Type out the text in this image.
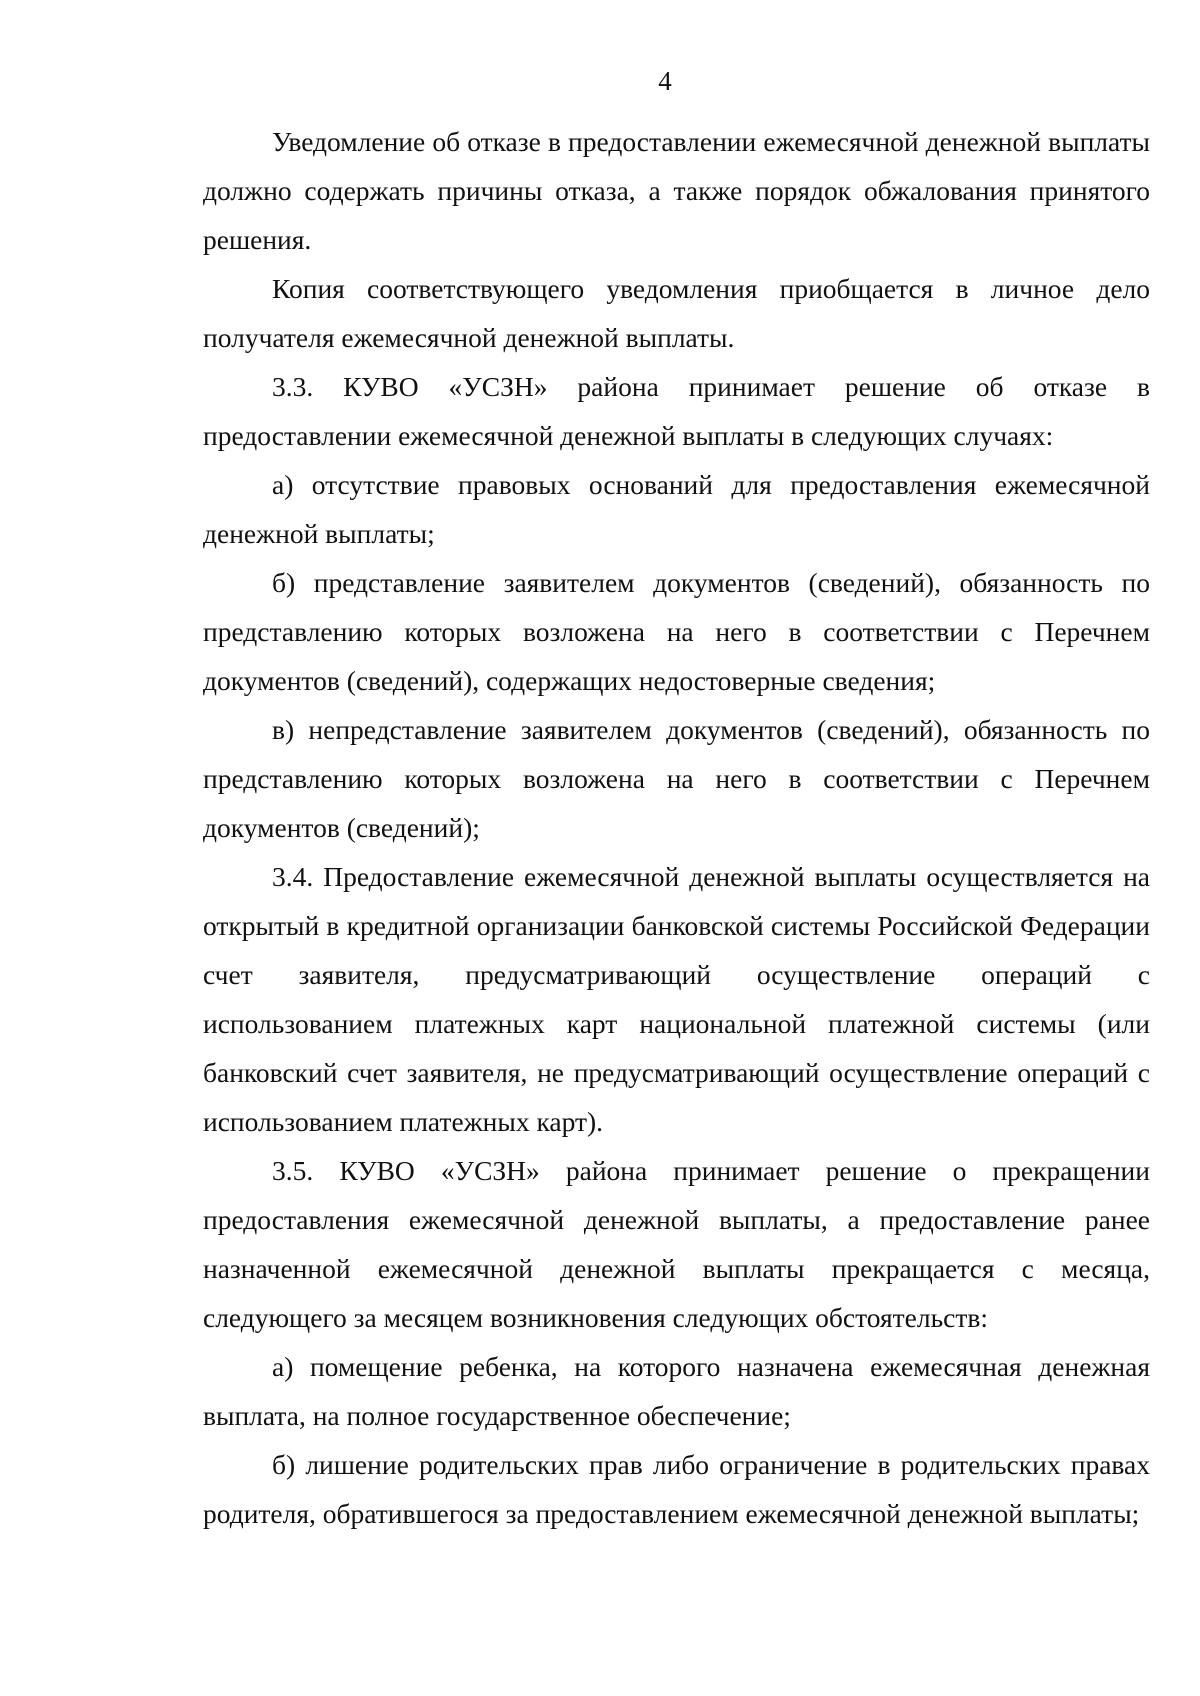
4

Уведомление об отказе в предоставлении ежемесячной денежной выплаты должно содержать причины отказа, а также порядок обжалования принятого решения.

Копия соответствующего уведомления приобщается в личное дело получателя ежемесячной денежной выплаты.

3.3. КУВО «УСЗН» района принимает решение об отказе в предоставлении ежемесячной денежной выплаты в следующих случаях:

а) отсутствие правовых оснований для предоставления ежемесячной денежной выплаты;

б) представление заявителем документов (сведений), обязанность по представлению которых возложена на него в соответствии с Перечнем документов (сведений), содержащих недостоверные сведения;

в) непредставление заявителем документов (сведений), обязанность по представлению которых возложена на него в соответствии с Перечнем документов (сведений);

3.4. Предоставление ежемесячной денежной выплаты осуществляется на открытый в кредитной организации банковской системы Российской Федерации счет заявителя, предусматривающий осуществление операций с использованием платежных карт национальной платежной системы (или банковский счет заявителя, не предусматривающий осуществление операций с использованием платежных карт).

3.5. КУВО «УСЗН» района принимает решение о прекращении предоставления ежемесячной денежной выплаты, а предоставление ранее назначенной ежемесячной денежной выплаты прекращается с месяца, следующего за месяцем возникновения следующих обстоятельств:

а) помещение ребенка, на которого назначена ежемесячная денежная выплата, на полное государственное обеспечение;

б) лишение родительских прав либо ограничение в родительских правах родителя, обратившегося за предоставлением ежемесячной денежной выплаты;
